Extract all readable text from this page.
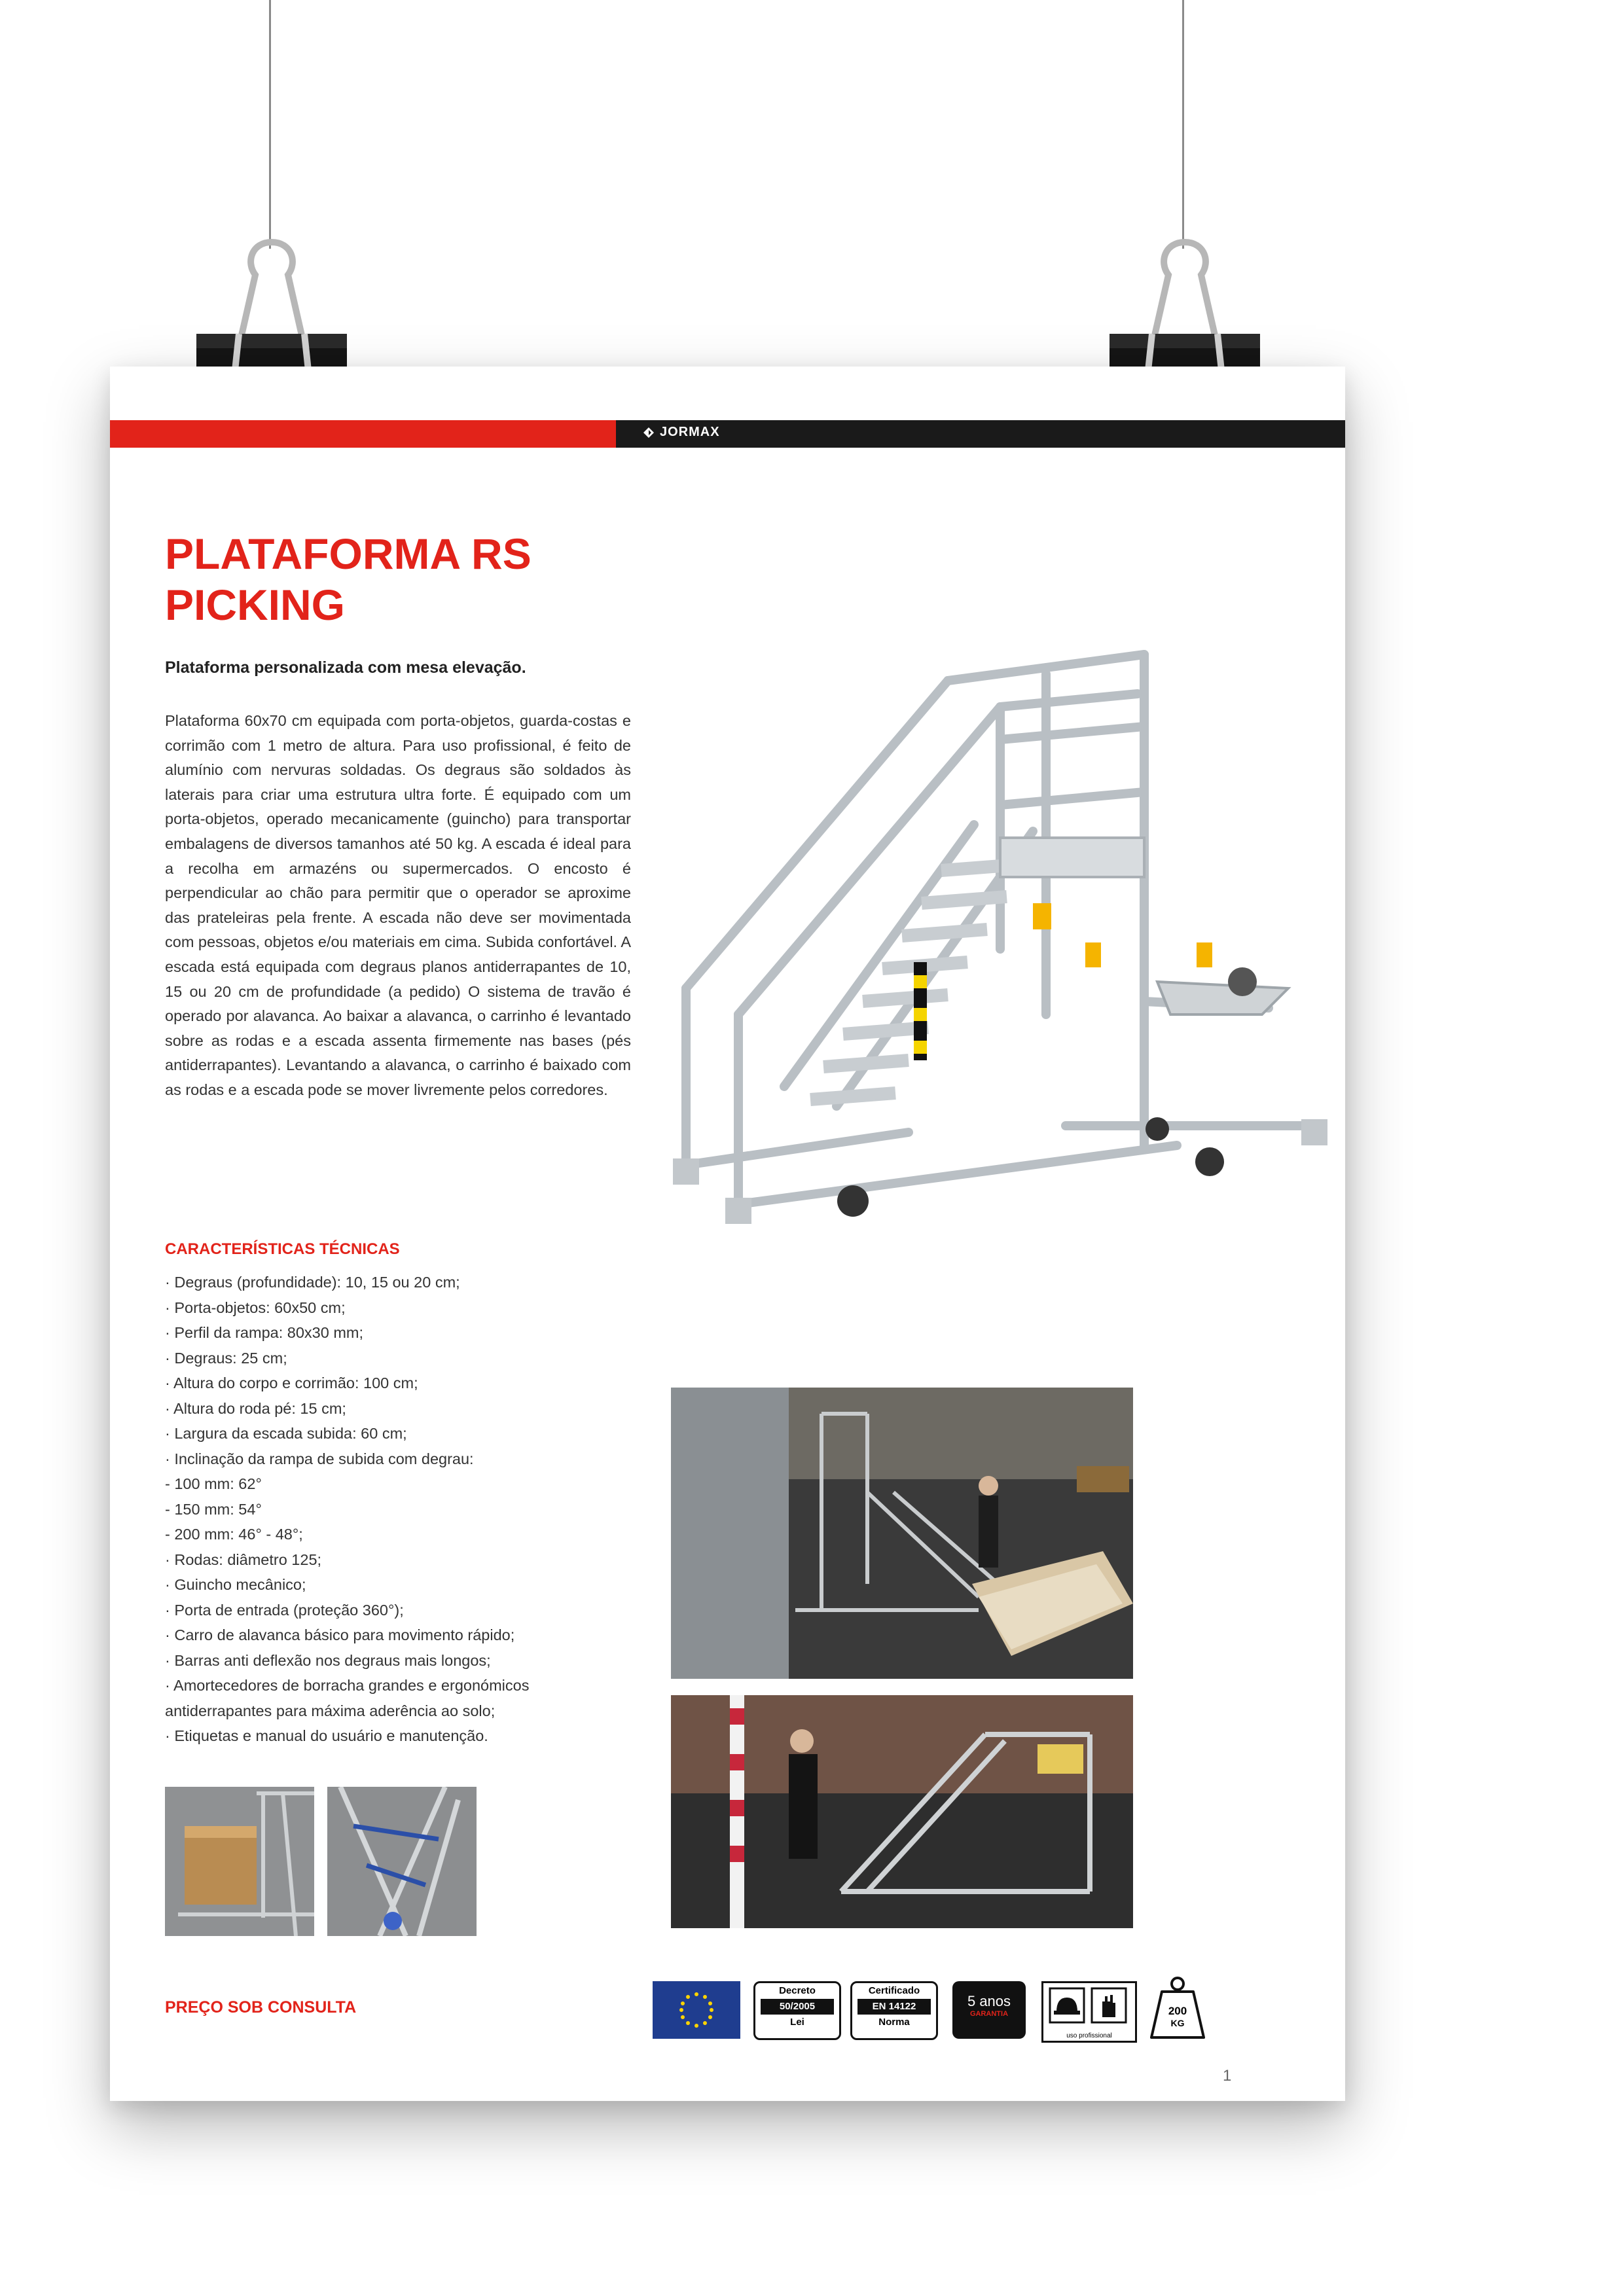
JORMAX
PLATAFORMA RS PICKING
Plataforma personalizada com mesa elevação.

Plataforma 60x70 cm equipada com porta-objetos, guarda-costas e corrimão com 1 metro de altura. Para uso profissional, é feito de alumínio com nervuras soldadas. Os degraus são soldados às laterais para criar uma estrutura ultra forte. É equipado com um porta-objetos, operado mecanicamente (guincho) para transportar embalagens de diversos tamanhos até 50 kg. A escada é ideal para a recolha em armazéns ou supermercados. O encosto é perpendicular ao chão para permitir que o operador se aproxime das prateleiras pela frente. A escada não deve ser movimentada com pessoas, objetos e/ou materiais em cima. Subida confortável. A escada está equipada com degraus planos antiderrapantes de 10, 15 ou 20 cm de profundidade (a pedido) O sistema de travão é operado por alavanca. Ao baixar a alavanca, o carrinho é levantado sobre as rodas e a escada assenta firmemente nas bases (pés antiderrapantes). Levantando a alavanca, o carrinho é baixado com as rodas e a escada pode se mover livremente pelos corredores.

CARACTERÍSTICAS TÉCNICAS
· Degraus (profundidade): 10, 15 ou 20 cm;
· Porta-objetos: 60x50 cm;
· Perfil da rampa: 80x30 mm;
· Degraus: 25 cm;
· Altura do corpo e corrimão: 100 cm;
· Altura do roda pé: 15 cm;
· Largura da escada subida: 60 cm;
· Inclinação da rampa de subida com degrau:
- 100 mm: 62°
- 150 mm: 54°
- 200 mm: 46° - 48°;
· Rodas: diâmetro 125;
· Guincho mecânico;
· Porta de entrada (proteção 360°);
· Carro de alavanca básico para movimento rápido;
· Barras anti deflexão nos degraus mais longos;
· Amortecedores de borracha grandes e ergonómicos
antiderrapantes para máxima aderência ao solo;
· Etiquetas e manual do usuário e manutenção.
PREÇO SOB CONSULTA
Decreto
50/2005
Lei
Certificado
EN 14122
Norma
5 anos
GARANTIA
uso profissional
200
KG
1
